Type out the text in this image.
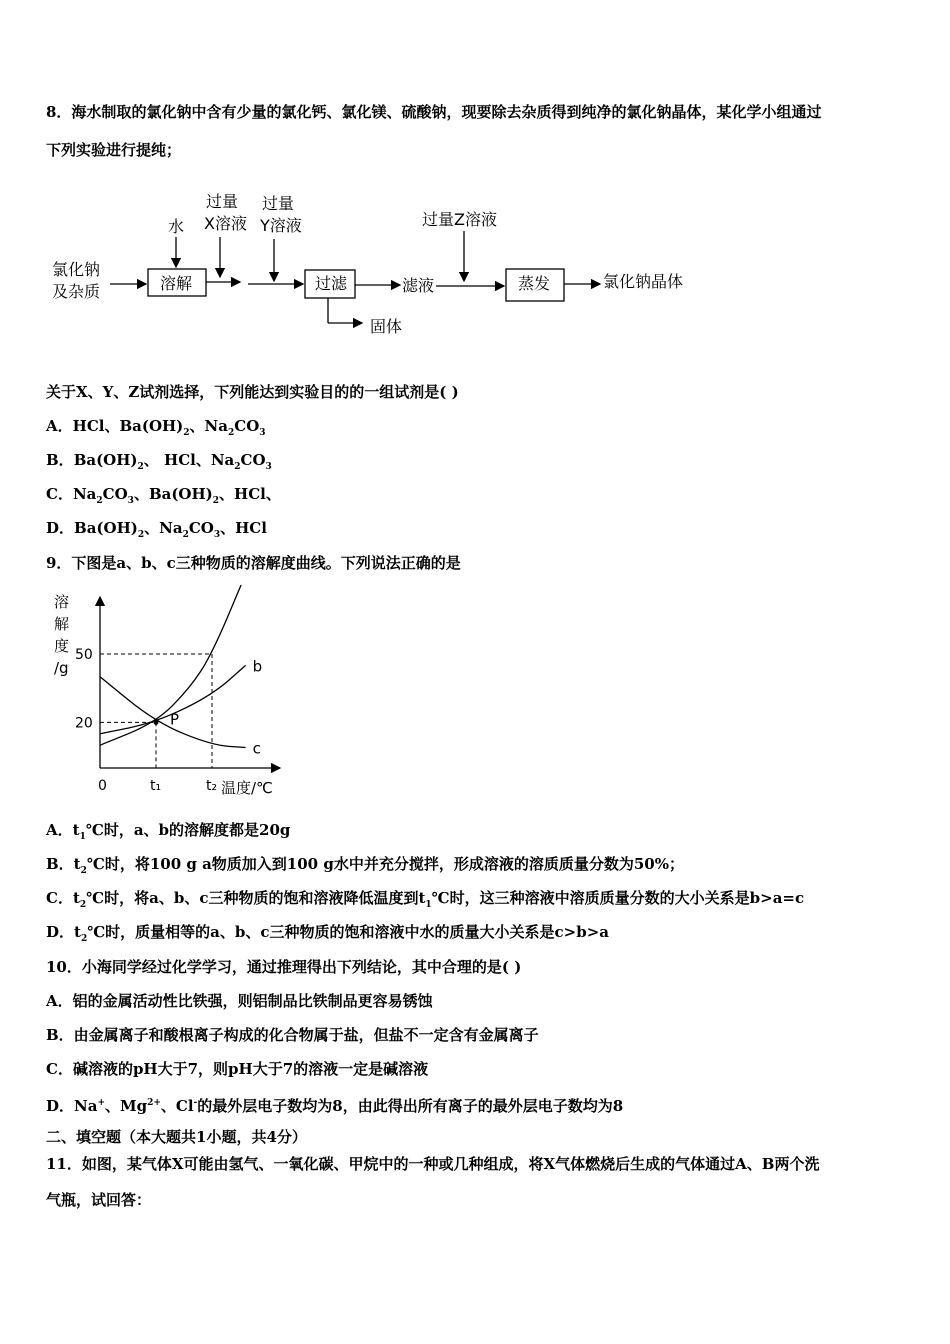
8．海水制取的氯化钠中含有少量的氯化钙、氯化镁、硫酸钠，现要除去杂质得到纯净的氯化钠晶体，某化学小组通过
下列实验进行提纯；
氯化钠
及杂质
水
过量
X溶液
过量
Y溶液
溶解	过滤	滤液
过量Z溶液
蒸发	氯化钠晶体
固体
关于X、Y、Z试剂选择，下列能达到实验目的的一组试剂是( )
A．HCl、$Ba(OH)_2$、$Na_2CO_3$
B．$Ba(OH)_2$、 HCl、$Na_2CO_3$
C．$Na_2CO_3$、$Ba(OH)_2$、HCl、
D．$Ba(OH)_2$、$Na_2CO_3$、HCl
9．下图是a、b、c三种物质的溶解度曲线。下列说法正确的是
溶
解
度
/g
温度/℃
20
50
0	t₁	t₂
b
c
P
A．$t_1℃$时，a、b的溶解度都是20g
B．$t_2℃$时，将100 g a物质加入到100 g水中并充分搅拌，形成溶液的溶质质量分数为50%；
C．$t_2℃$时，将a、b、c三种物质的饱和溶液降低温度到$t_1℃$时，这三种溶液中溶质质量分数的大小关系是b>a=c
D．$t_2℃$时，质量相等的a、b、c三种物质的饱和溶液中水的质量大小关系是c>b>a
10．小海同学经过化学学习，通过推理得出下列结论，其中合理的是( )
A．铝的金属活动性比铁强，则铝制品比铁制品更容易锈蚀
B．由金属离子和酸根离子构成的化合物属于盐，但盐不一定含有金属离子
C．碱溶液的pH大于7，则pH大于7的溶液一定是碱溶液
D．Na+、$Mg^{2+}$、Cl-的最外层电子数均为8，由此得出所有离子的最外层电子数均为8
二、填空题（本大题共1小题，共4分）
11．如图，某气体X可能由氢气、一氧化碳、甲烷中的一种或几种组成，将X气体燃烧后生成的气体通过A、B两个洗
气瓶，试回答：
